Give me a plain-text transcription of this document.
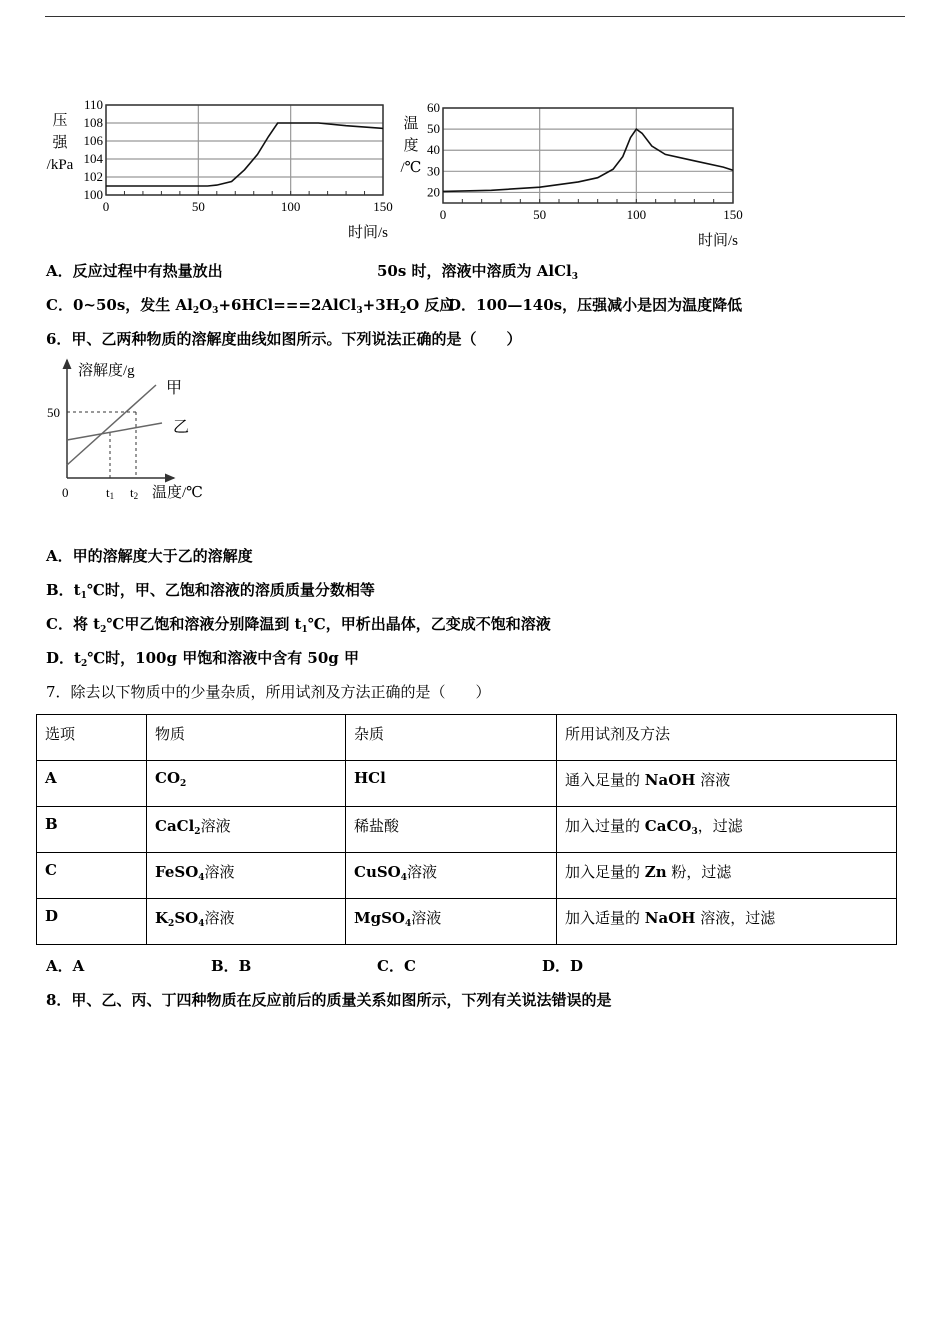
110
108
106
104
102
100
0	50	100	150
压
强
/kPa
时间/s
60
50
40
30
20
0	50	100	150
温
度
/℃
时间/s
A．反应过程中有热量放出	50s 时，溶液中溶质为 AlCl$_3$
C．0~50s，发生 $Al_2O_3+6HCl===2AlCl_3+3H_2O$ 反应
D．100—140s，压强减小是因为温度降低
6．甲、乙两种物质的溶解度曲线如图所示。下列说法正确的是（　　）
溶解度/g
温度/℃
50
0
甲
乙
t1 t2
A．甲的溶解度大于乙的溶解度
B．$t_1℃$时，甲、乙饱和溶液的溶质质量分数相等
C．将 $t_2℃$甲乙饱和溶液分别降温到 $t_1℃$，甲析出晶体，乙变成不饱和溶液
D．$t_2℃$时，100g 甲饱和溶液中含有 50g 甲
7．除去以下物质中的少量杂质，所用试剂及方法正确的是（　　）
选项	物质	杂质	所用试剂及方法
A	$CO_2$	HCl	通入足量的 NaOH 溶液
B	CaCl$_2$溶液	稀盐酸	加入过量的 CaCO$_3$，过滤
C	FeSO$_4$溶液	CuSO$_4$溶液	加入足量的 Zn 粉，过滤
D	$K_2SO_4$溶液	MgSO$_4$溶液	加入适量的 NaOH 溶液，过滤
A．A	B．B	C．C	D．D
8．甲、乙、丙、丁四种物质在反应前后的质量关系如图所示，下列有关说法错误的是
